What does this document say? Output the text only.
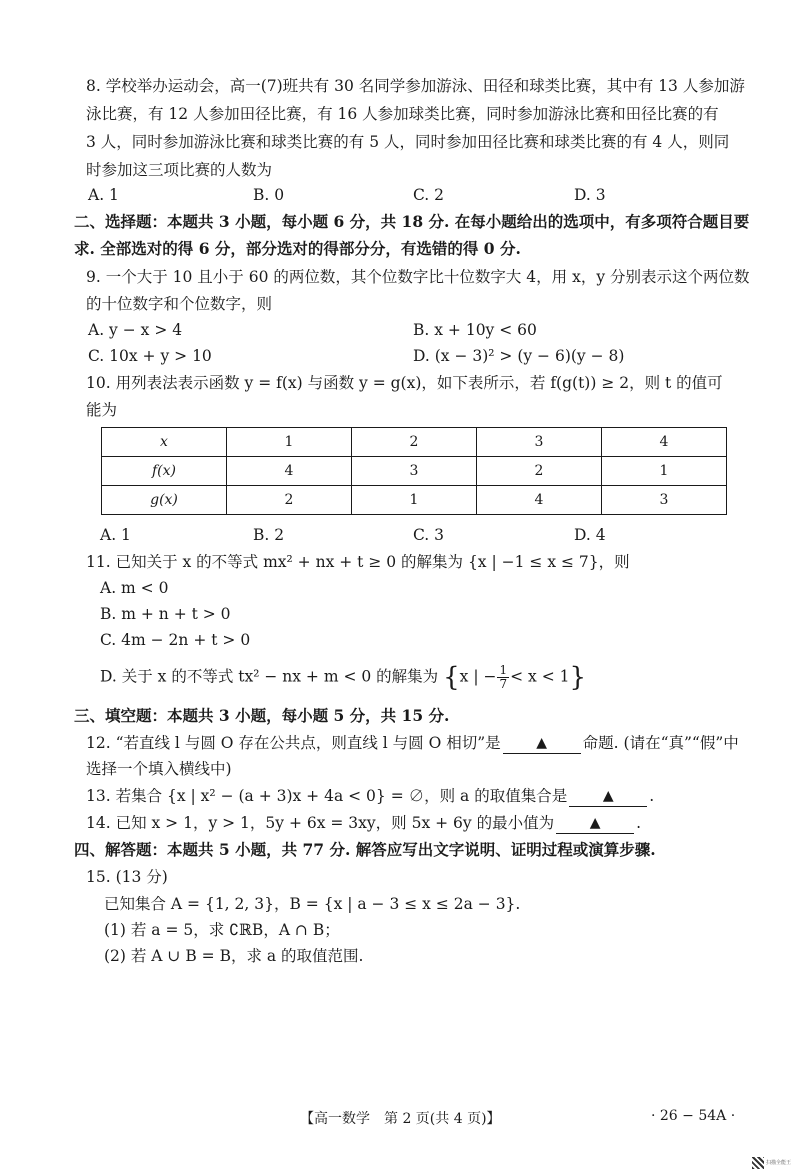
8. 学校举办运动会，高一(7)班共有 30 名同学参加游泳、田径和球类比赛，其中有 13 人参加游
泳比赛，有 12 人参加田径比赛，有 16 人参加球类比赛，同时参加游泳比赛和田径比赛的有
3 人，同时参加游泳比赛和球类比赛的有 5 人，同时参加田径比赛和球类比赛的有 4 人，则同
时参加这三项比赛的人数为
A. 1	B. 0	C. 2	D. 3
二、选择题：本题共 3 小题，每小题 6 分，共 18 分. 在每小题给出的选项中，有多项符合题目要
求. 全部选对的得 6 分，部分选对的得部分分，有选错的得 0 分.
9. 一个大于 10 且小于 60 的两位数，其个位数字比十位数字大 4，用 x，y 分别表示这个两位数
的十位数字和个位数字，则
A. y − x > 4	B. x + 10y < 60
C. 10x + y > 10	D. (x − 3)² > (y − 6)(y − 8)
10. 用列表法表示函数 y = f(x) 与函数 y = g(x)，如下表所示，若 f(g(t)) ≥ 2，则 t 的值可
能为
x	1	2	3	4
f(x)	4	3	2	1
g(x)	2	1	4	3
A. 1	B. 2	C. 3	D. 4
11. 已知关于 x 的不等式 mx² + nx + t ≥ 0 的解集为 {x | −1 ≤ x ≤ 7}，则
A. m < 0
B. m + n + t > 0
C. 4m − 2n + t > 0
D. 关于 x 的不等式 tx² − nx + m < 0 的解集为 {x | − $\frac{1}{7} < x < 1$}
三、填空题：本题共 3 小题，每小题 5 分，共 15 分.
12. “若直线 l 与圆 O 存在公共点，则直线 l 与圆 O 相切”是	▲ 命题. (请在“真”“假”中
选择一个填入横线中)
13. 若集合 {x | x² − (a + 3)x + 4a < 0} = ∅，则 a 的取值集合是	▲ .
14. 已知 x > 1，y > 1，5y + 6x = 3xy，则 5x + 6y 的最小值为	▲ .
四、解答题：本题共 5 小题，共 77 分. 解答应写出文字说明、证明过程或演算步骤.
15. (13 分)
已知集合 A = {1, 2, 3}，B = {x | a − 3 ≤ x ≤ 2a − 3}.
(1) 若 a = 5，求 ∁ℝB，A ∩ B；
(2) 若 A ∪ B = B，求 a 的取值范围.
【高一数学　第 2 页(共 4 页)】	· 26 − 54A ·
扫描全能王
